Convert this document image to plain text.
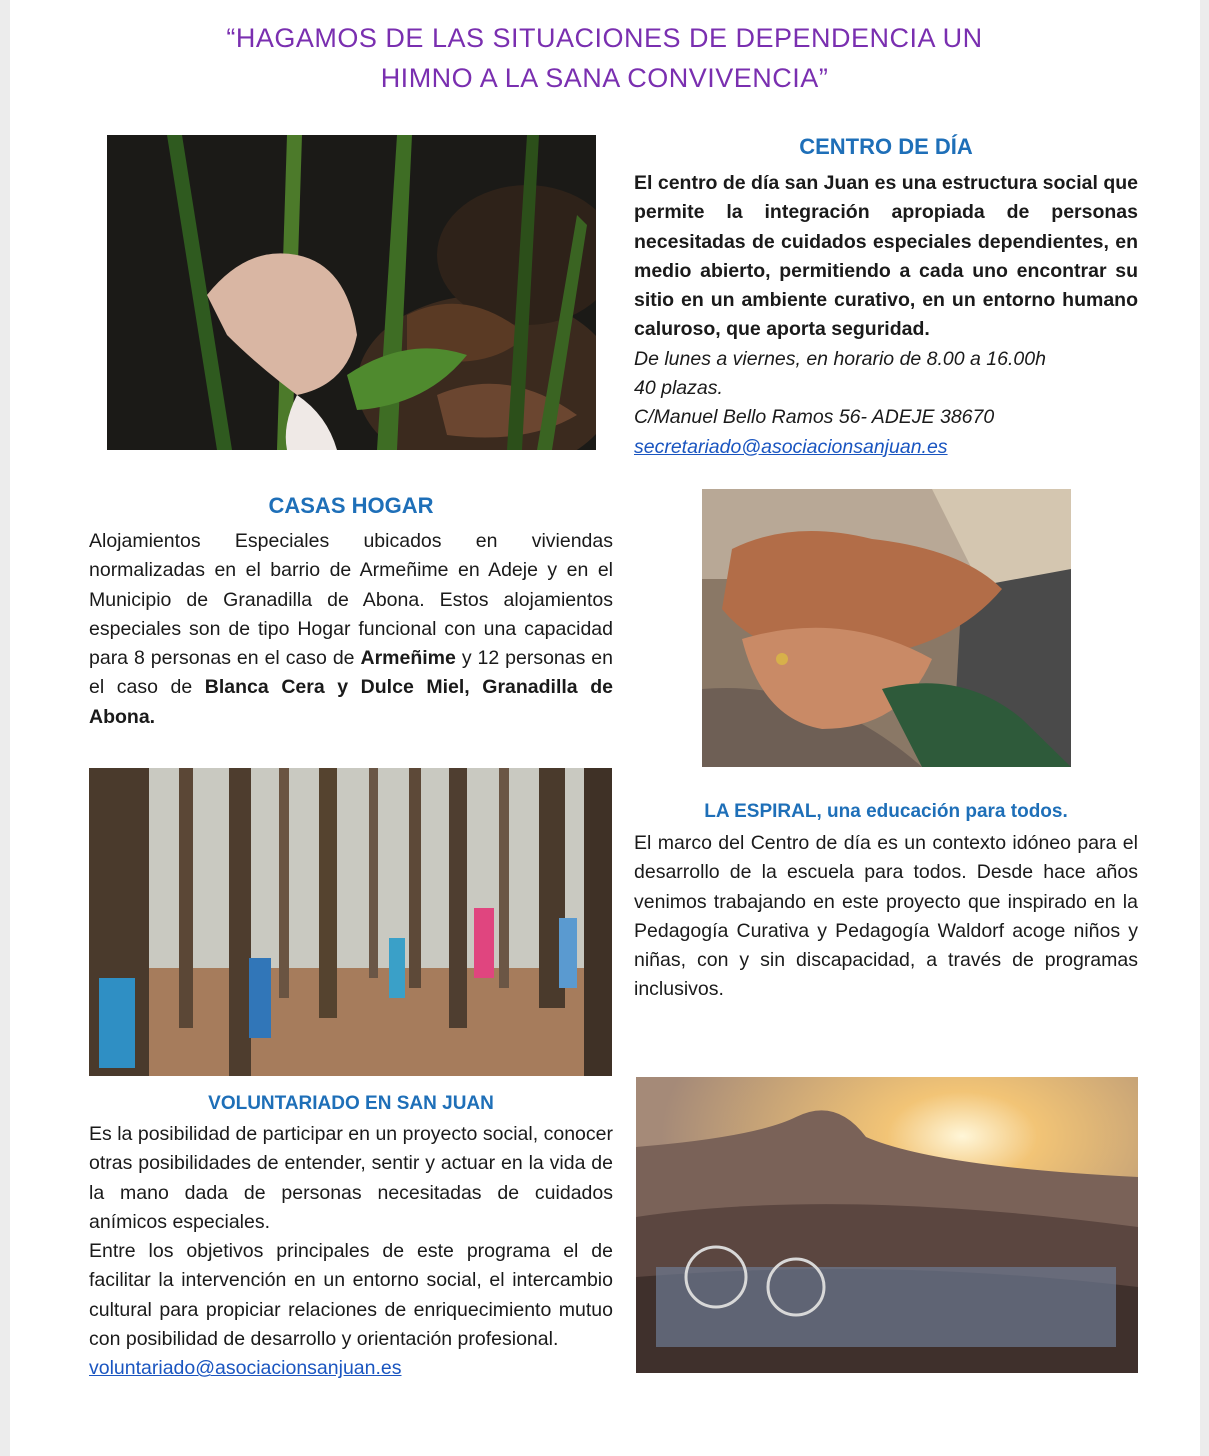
“HAGAMOS DE LAS SITUACIONES DE DEPENDENCIA UN
HIMNO A LA SANA CONVIVENCIA”
CENTRO DE DÍA

El centro de día san Juan es una estructura social que permite la integración apropiada de personas necesitadas de cuidados especiales dependientes, en medio abierto, permitiendo a cada uno encontrar su sitio en un ambiente curativo, en un entorno humano caluroso, que aporta seguridad.

De lunes a viernes, en horario de 8.00 a 16.00h
40 plazas.
C/Manuel Bello Ramos 56- ADEJE 38670
secretariado@asociacionsanjuan.es
CASAS HOGAR
Alojamientos Especiales ubicados en viviendas normalizadas en el barrio de Armeñime en Adeje y en el Municipio de Granadilla de Abona. Estos alojamientos especiales son de tipo Hogar funcional con una capacidad para 8 personas en el caso de Armeñime y 12 personas en el caso de Blanca Cera y Dulce Miel, Granadilla de Abona.
LA ESPIRAL, una educación para todos.
El marco del Centro de día es un contexto idóneo para el desarrollo de la escuela para todos. Desde hace años venimos trabajando en este proyecto que inspirado en la Pedagogía Curativa y Pedagogía Waldorf acoge niños y niñas, con y sin discapacidad, a través de programas inclusivos.
VOLUNTARIADO EN SAN JUAN

Es la posibilidad de participar en un proyecto social, conocer otras posibilidades de entender, sentir y actuar en la vida de la mano dada de personas necesitadas de cuidados anímicos especiales.

Entre los objetivos principales de este programa el de facilitar la intervención en un entorno social, el intercambio cultural para propiciar relaciones de enriquecimiento mutuo con posibilidad de desarrollo y orientación profesional.

voluntariado@asociacionsanjuan.es
